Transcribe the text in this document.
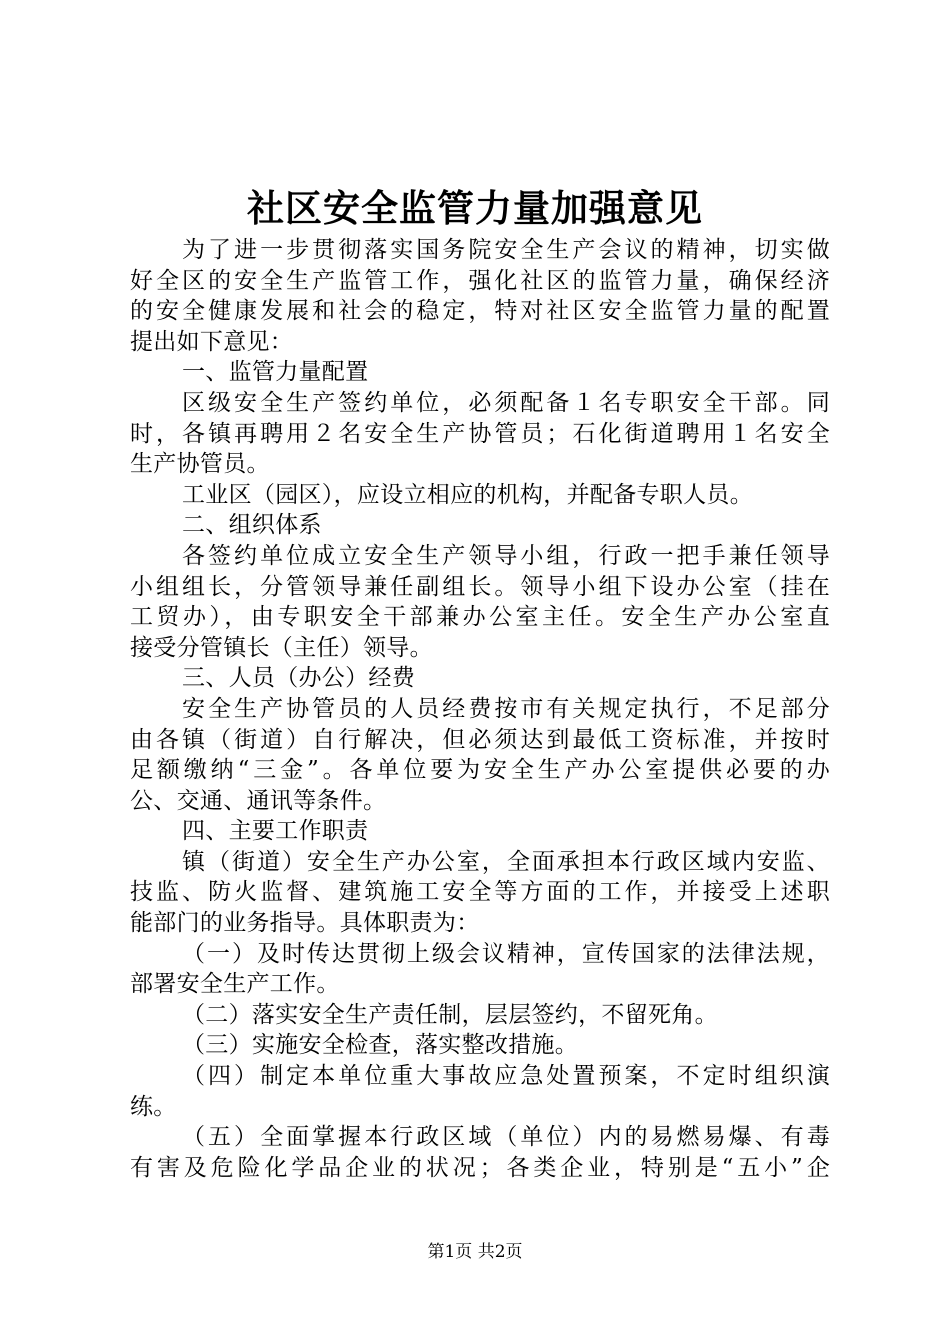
社区安全监管力量加强意见
为了进一步贯彻落实国务院安全生产会议的精神，切实做
好全区的安全生产监管工作，强化社区的监管力量，确保经济
的安全健康发展和社会的稳定，特对社区安全监管力量的配置
提出如下意见：
一、监管力量配置
区级安全生产签约单位，必须配备１名专职安全干部。同
时，各镇再聘用２名安全生产协管员；石化街道聘用１名安全
生产协管员。
工业区（园区），应设立相应的机构，并配备专职人员。
二、组织体系
各签约单位成立安全生产领导小组，行政一把手兼任领导
小组组长，分管领导兼任副组长。领导小组下设办公室（挂在
工贸办），由专职安全干部兼办公室主任。安全生产办公室直
接受分管镇长（主任）领导。
三、人员（办公）经费
安全生产协管员的人员经费按市有关规定执行，不足部分
由各镇（街道）自行解决，但必须达到最低工资标准，并按时
足额缴纳“三金”。各单位要为安全生产办公室提供必要的办
公、交通、通讯等条件。
四、主要工作职责
镇（街道）安全生产办公室，全面承担本行政区域内安监、
技监、防火监督、建筑施工安全等方面的工作，并接受上述职
能部门的业务指导。具体职责为：
（一）及时传达贯彻上级会议精神，宣传国家的法律法规，
部署安全生产工作。
（二）落实安全生产责任制，层层签约，不留死角。
（三）实施安全检查，落实整改措施。
（四）制定本单位重大事故应急处置预案，不定时组织演
练。
（五）全面掌握本行政区域（单位）内的易燃易爆、有毒
有害及危险化学品企业的状况；各类企业，特别是“五小”企
第1页 共2页
